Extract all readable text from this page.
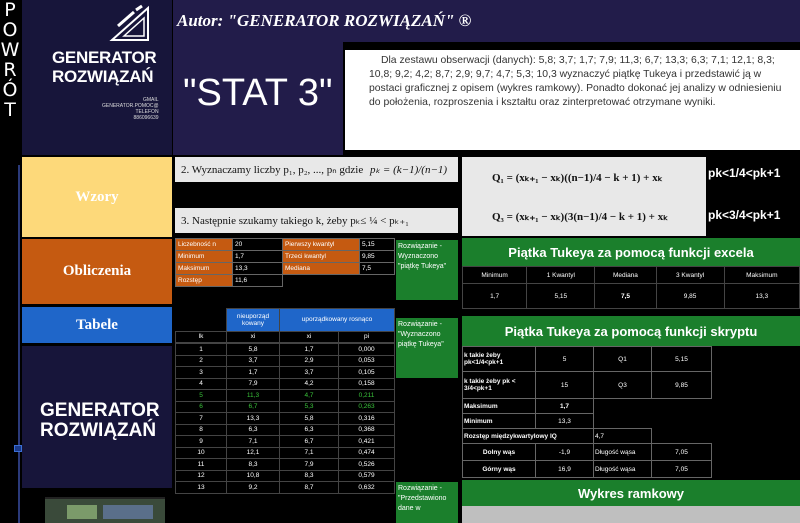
P
O
W
R
Ó
T
GENERATOR
ROZWIĄZAŃ
GMAIL
GENERATOR.POMOC@
TELEFON
886096639
Autor: "GENERATOR ROZWIĄZAŃ" ®
"STAT 3"
Dla zestawu obserwacji (danych): 5,8; 3,7; 1,7; 7,9; 11,3; 6,7; 13,3; 6,3; 7,1; 12,1; 8,3; 10,8; 9,2; 4,2; 8,7; 2,9; 9,7; 4,7; 5,3; 10,3 wyznaczyć piątkę Tukeya i przedstawić ją w postaci graficznej z opisem (wykres ramkowy). Ponadto dokonać jej analizy w odniesieniu do położenia, rozproszenia i kształtu oraz zinterpretować otrzymane wyniki.
Wzory
Obliczenia
Tabele
GENERATOR
ROZWIĄZAŃ
2. Wyznaczamy liczby p₁, p₂, ..., pₙ gdzie pₖ = (k−1)/(n−1)
3. Następnie szukamy takiego k, żeby pₖ≤ ¼ < pₖ₊₁
Q₁ = (xₖ₊₁ − xₖ)((n−1)/4 − k + 1) + xₖ
Q₃ = (xₖ₊₁ − xₖ)(3(n−1)/4 − k + 1) + xₖ
pk<1/4<pk+1
pk<3/4<pk+1
Liczebność n	20	Pierwszy kwantyl	5,15
Minimum	1,7	Trzeci kwantyl	9,85
Maksimum	13,3	Mediana	7,5
Rozstęp	11,6		
Rozwiązanie - Wyznaczono "piątkę Tukeya"
Piątka Tukeya za pomocą funkcji excela
Minimum	1 Kwantyl	Mediana	3 Kwantyl	Maksimum
1,7	5,15	7,5	9,85	13,3
	nieuporząd kowany	uporządkowany rosnąco	
lk	xi	xi	pi
1	5,8	1,7	0,000
2	3,7	2,9	0,053
3	1,7	3,7	0,105
4	7,9	4,2	0,158
5	11,3	4,7	0,211
6	6,7	5,3	0,263
7	13,3	5,8	0,316
8	6,3	6,3	0,368
9	7,1	6,7	0,421
10	12,1	7,1	0,474
11	8,3	7,9	0,526
12	10,8	8,3	0,579
13	9,2	8,7	0,632
Rozwiązanie - "Wyznaczono piątkę Tukeya"
Piątka Tukeya za pomocą funkcji skryptu
k takie żeby pk<1/4<pk+1	5	Q1	5,15
k takie żeby pk < 3/4<pk+1	15	Q3	9,85
Maksimum	1,7		
Minimum	13,3		
Rozstęp międzykwartylowy IQ		4,7	
Dolny wąs	-1,9	Długość wąsa	7,05
Górny wąs	16,9	Długość wąsa	7,05
Rozwiązanie - "Przedstawiono dane w
Wykres ramkowy
